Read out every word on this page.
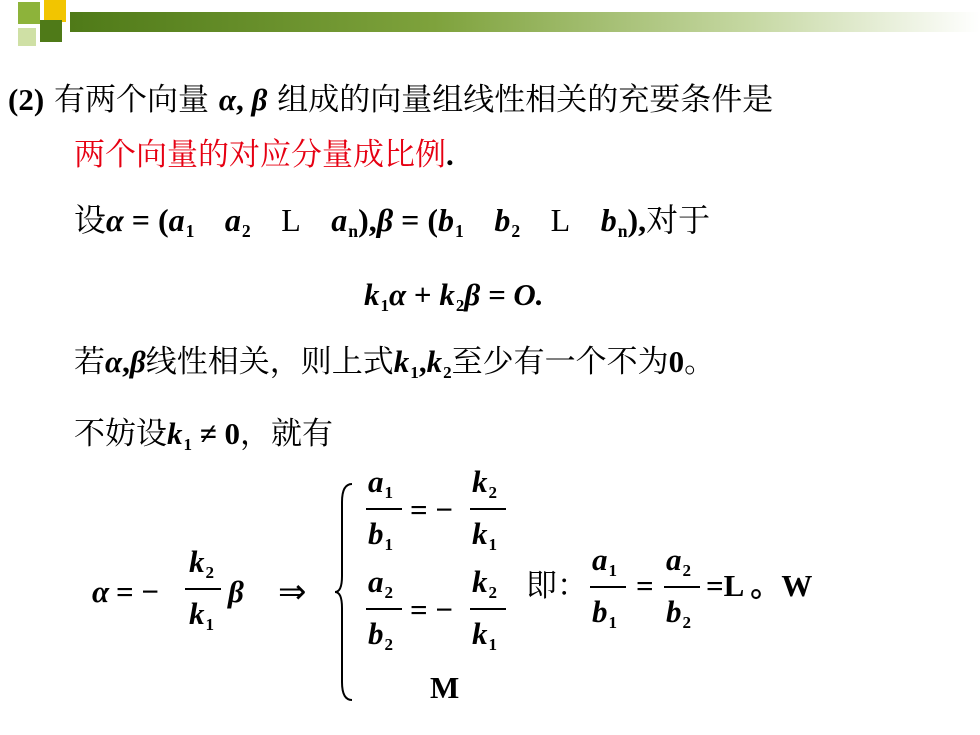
(2) 有两个向量 α, β 组成的向量组线性相关的充要条件是
两个向量的对应分量成比例.
设$\alpha = (a_1$ $a_2$ L $a_n),\beta = (b_1$ $b_2$ L $b_n$),对于
$k_1\alpha + k_2\beta = O$.
若α,β线性相关，则上式$k_1,k_2$至少有一个不为0。
不妨设$k_1 \ne 0$，就有
α = −
$k_2$
$k_1$
β ⇒
$a_1$
$b_1$
= −
$k_2$
$k_1$
$a_2$
$b_2$
= −
$k_2$
$k_1$
M
即：
$a_1$
$b_1$
=
$a_2$
$b_2$
=L 。W
